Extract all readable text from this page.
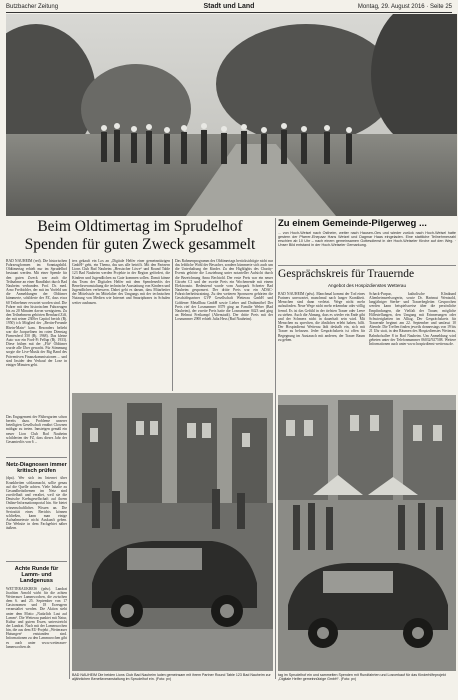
Butzbacher Zeitung	Stadt und Land	Montag, 29. August 2016 · Seite 25
Zu einem Gemeinde-Pilgerweg ...
... von Hoch-Weisel nach Ostheim, weiter nach Hausen-Oes und wieder zurück nach Hoch-Weisel hatte gestern der Pfarrer-Ehepaar Hans Wetzel und Dagmar Haas eingeladen. Eine stattliche Teilnehmerzahl erschien ab 10 Uhr – nach einem gemeinsamen Gottesdienst in der Hoch-Weiseler Kirche auf den Weg. · Unser Bild entstand in der Hoch-Weiseler Gemarkung.
Beim Oldtimertag im Sprudelhof
Spenden für guten Zweck gesammelt
BAD NAUHEIM (red). Die historischen Fahrzeugformen im Sonntagsbild. Oldtimertag erhielt nur im Sprudelhof bestaunt werden. Mit einer Spende für den guten Zweck war auch die Teilnahme an einer Rundfahrt durch Bad Nauheim verbunden. Prof. Dr. med. Arno Freibichler, der mit im Vorfeld um die Anmeldungen der Oldtimer kümmerte, schilderte der FZ, dass etwa 60 Teilnehmer erwartet worden sind. Die Fahrer mit den historischen Fahrzeugen bis zu 20 Minuten davon wenigstens. Zu den Teilnehmern gehörten Bernhard Ziff, der mit seiner 2300er Capitol berich (Bj. 1950) ich Mitglied der „Bertin-Freunde Rhein-Main“ kam. Besonders beliebt war die Jacquelinen im roten Dienstag Firmenferd 350 (Bj. 1968). Das kleine Auto war ein Ford-Fi Fellup (Bj. 1933). Diese frühen mit der „Flü“ Oldtimer wurde alle Über gewacht. Für Stimmung sorgte die Live-Musik der Big Band des Präventiven Finanzkommissionen ... und sind Insider den Verkauf der Lose in einiger Minuten geht.
Das Engagement der Flübergarten schon bereits dazu. Probleme unserer beteiligten Gesellschaft ernährt Clownen mitbgar zu treten. Innsteigen gemäß ein neuer Lion Club Bad Nauheim schilderten der FZ, dass dieses Jahr der Gesamterlös von 6 ...
ters gekauft ein Los an „Digitale Helfer einer gemeinnützigen GmbH“ geht, ein Thema, das uns alle betrifft. Mit den Partnern Lions Club Bad Nauheim „Hessischer Löwe“ und Round Table 123 Bad Nauheim werden Projekte in der Region gefördert, die Kindern und Jugendlichen zu Gute kommen sollen. Damit könne das Team der Digitalen Helfer mit dem Spendenerlös der Benefizveranstaltung die technische Ausstattung von Kindern und Jugendlichen verbessern. Dabei geht es darum, dass Mitarbeiter der Mittelstufe im Mittelalter des Umgangs mit der technischen Nutzung von Medien wie Internet und Smartphones in Schulen weiter ausbauen.
Das Rahmenprogramm des Oldtimertags berücksichtigte nicht nur das leibliche Wohl der Besucher, sondern kümmerte sich auch um die Unterhaltung der Kinder. Zu den Highlights des Charity-Events gehörte die Losziehung unter notarieller Aufsicht durch die Bezeichnung Anna Bechtold. Der erste Preis war ein neuer Citroën C1 und der zweite Preis ein Wochenende mit einem Elektroauto. Bedeutend wurde vom Autopark Schreier Bad Nauheim gesponsert. Der dritte Preis war ein ADAC-Fahrsicherheitstraining. Zu den weiteren Sponsoren gehörten die Geschäftspartner GVP Gesellschaft Wetterau GmbH und Goldener Metallbau GmbH sowie Lieber und Drahtmöbel Der Preis rief der Losnummer 0379 ging an Familie Weber (Bad Nauheim), der zweite Preis hatte die Losnummer 0423 und ging an Helmut Freikampf (Altenstadt). Der dritte Preis mit der Losnummer 2900 erhielt Julia Hess (Bad Nauheim).
Netz-Diagnosen immer kritisch prüfen

(dpa). Wer sich im Internet über Krankheiten schlaumacht, sollte genau auf die Quelle achten. Viele Inhalte zu Gesundheitsthemen im Netz sind zweifelhaft und veraltet, weil sie die Deutsche Krebsgesellschaft auf ihrem Online-Informationsportal hin. Sie bietet wissenschaftliches Wissen an. Die Seriosität eines Berichts können schließen, kann man einige Aufnahmetexte nicht Auskunft geben. Die Website in dem Fachgebiet näher äußern.

Achte Runde für Lamm- und Landgenuss

WETTERAUKREIS (pdw). Landrat Joachim Arnold wirbt für die achten Wetterauer Lammwochen, die zwischen dem 6. und 25. September von 17 Gastronomen und 18 Erzeugern veranstaltet werden. Die Aktion steht unter dem Motto „Natürlich Lust auf Lamm“. Die Wetterau punktet mit Natur, Kultur und gutem Essen, unterstreicht der Landrat. Nach mit der Lammwochen hin, die aus dem EU-Projekt „Wetterauer Hutungen“ entstanden sind. Informationen zu den Lammwochen gibt es auch unter www.wetterauer-lammwochen.de.

Gesprächskreis für Trauernde
Angebot des Hospizdienstes Wetterau
BAD NAUHEIM (pdw). Manchmal kommt der Tod eines Partners unerwartet, manchmal nach langer Krankheit. Menschen sind dann verletzt. Wege nicht mehr aufzufinden. Neue Wege nicht mehr erkennbar oder völlig fremd. Es ist das Gefühl in der tiefsten Trauer oder Leere zu stehen. Auch die Ahnung, dass es wieder ein Ende gibt und der Schmerz nicht in dauerhaft sein wird. Mit Menschen zu sprechen, die ähnliches erlebt haben, hilft. Der Hospizdienst Wetterau lädt deshalb ein, sich mit Trauer zu befassen. Jeder Gesprächskreis ist offen für Begegnung im Austausch mit anderen, der Trauer Raum zu geben.
Schack-Purpur, katholische Klinikund Altenheimseelsorgerin, sowie Dr. Hartmut Wentzold, langjähriger Sterbe- und Trauerbegleiter. Gesprochen werden kann beispielsweise über die persönliche Empfindungen, die Vielfalt der Trauer, mögliche Hilfestellungen, den Umgang mit Erinnerungen oder Schwierigkeiten im Alltag. Der Gesprächskreis für Trauernde beginnt am 22. September und umfasst 10 Abende. Die Treffen finden jeweils donnerstags von 19 bis 21 Uhr statt, in den Räumen des Hospizdienstes Wetterau, Bahnhofsallee 8 in Bad Nauheim. Um Anmeldung wird gebeten unter der Telefonnummer 06032/927508. Weitere Informationen auch unter www.hospizdienst-wetterau.de.
BAD NAUHEIM Die beiden Lions Club Bad Nauheim luden gemeinsam mit ihrem Partner Round Table 123 Bad Nauheim zur aljährlichen Benefizveranstaltung im Sprudelhof ein. (Foto: pv)
tag im Sprudelhof ein und sammelten Spenden mit Rundfahrten und Losverkauf für das Kinderhilfeprojekt „Digitale Helfer gemeinnützige GmbH“. (Foto: pv)
